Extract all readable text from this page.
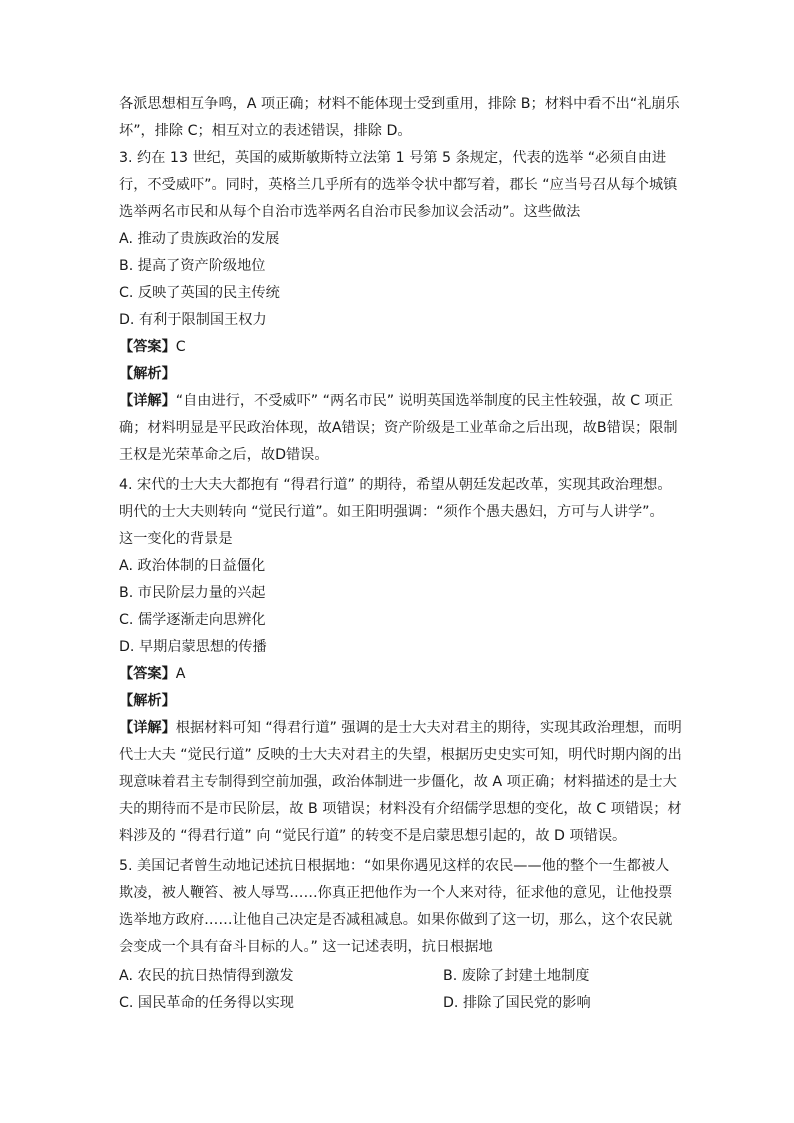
各派思想相互争鸣，A 项正确；材料不能体现士受到重用，排除 B；材料中看不出“礼崩乐
坏”，排除 C；相互对立的表述错误，排除 D。
3. 约在 13 世纪，英国的威斯敏斯特立法第 1 号第 5 条规定，代表的选举 “必须自由进
行，不受威吓”。同时，英格兰几乎所有的选举令状中都写着，郡长 “应当号召从每个城镇
选举两名市民和从每个自治市选举两名自治市民参加议会活动”。这些做法
A. 推动了贵族政治的发展
B. 提高了资产阶级地位
C. 反映了英国的民主传统
D. 有利于限制国王权力
【答案】C
【解析】
【详解】“自由进行，不受威吓” “两名市民” 说明英国选举制度的民主性较强，故 C 项正
确；材料明显是平民政治体现，故A错误；资产阶级是工业革命之后出现，故B错误；限制
王权是光荣革命之后，故D错误。
4. 宋代的士大夫大都抱有 “得君行道” 的期待，希望从朝廷发起改革，实现其政治理想。
明代的士大夫则转向 “觉民行道”。如王阳明强调：“须作个愚夫愚妇，方可与人讲学”。
这一变化的背景是
A. 政治体制的日益僵化
B. 市民阶层力量的兴起
C. 儒学逐渐走向思辨化
D. 早期启蒙思想的传播
【答案】A
【解析】
【详解】根据材料可知 “得君行道” 强调的是士大夫对君主的期待，实现其政治理想，而明
代士大夫 “觉民行道” 反映的士大夫对君主的失望，根据历史史实可知，明代时期内阁的出
现意味着君主专制得到空前加强，政治体制进一步僵化，故 A 项正确；材料描述的是士大
夫的期待而不是市民阶层，故 B 项错误；材料没有介绍儒学思想的变化，故 C 项错误；材
料涉及的 “得君行道” 向 “觉民行道” 的转变不是启蒙思想引起的，故 D 项错误。
5. 美国记者曾生动地记述抗日根据地：“如果你遇见这样的农民——他的整个一生都被人
欺凌，被人鞭笞、被人辱骂……你真正把他作为一个人来对待，征求他的意见，让他投票
选举地方政府……让他自己决定是否减租减息。如果你做到了这一切，那么，这个农民就
会变成一个具有奋斗目标的人。” 这一记述表明，抗日根据地
A. 农民的抗日热情得到激发	B. 废除了封建土地制度
C. 国民革命的任务得以实现	D. 排除了国民党的影响
